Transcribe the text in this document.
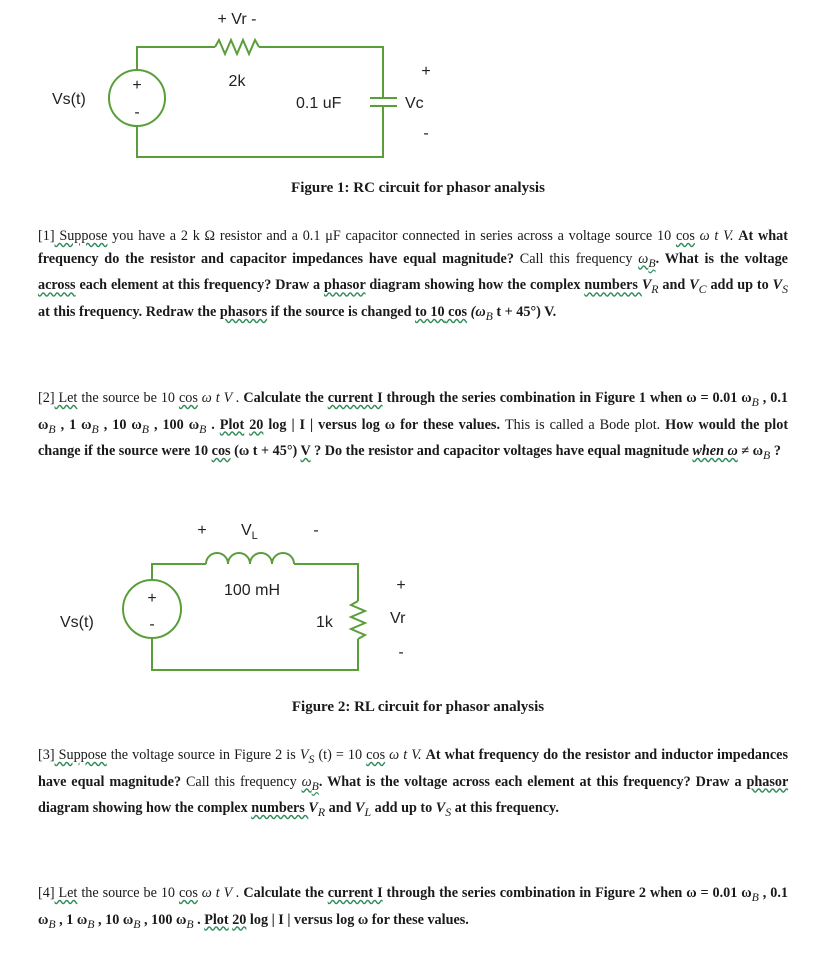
+
-
+ Vr -
2k
Vs(t)	0.1 uF
+
Vc
-

Figure 1: RC circuit for phasor analysis

[1] Suppose you have a 2 k Ω resistor and a 0.1 μF capacitor connected in series across a voltage source 10 cos ω t V. At what frequency do the resistor and capacitor impedances have equal magnitude? Call this frequency $\omega_B$. What is the voltage across each element at this frequency? Draw a phasor diagram showing how the complex numbers $V_R$ and $V_C$ add up to $V_S$ at this frequency. Redraw the phasors if the source is changed to 10 $\cos (\omega_B$ t + 45°) V.

[2] Let the source be 10 cos ω t V . Calculate the current I through the series combination in Figure 1 when ω = 0.01 $\omega_B$ , 0.1 $\omega_B$ , 1 $\omega_B$ , 10 $\omega_B$ , 100 $\omega_B$ . Plot 20 log | I | versus log ω for these values. This is called a Bode plot. How would the plot change if the source were 10 cos (ω t + 45°) V ? Do the resistor and capacitor voltages have equal magnitude when $\omega \ne \omega_B$ ?

+
-
+ $V_L$	-
100 mH
Vs(t)	1k
+
Vr
-

Figure 2: RL circuit for phasor analysis

[3] Suppose the voltage source in Figure 2 is $V_S$ (t) = 10 cos ω t V. At what frequency do the resistor and inductor impedances have equal magnitude? Call this frequency $\omega_B$. What is the voltage across each element at this frequency? Draw a phasor diagram showing how the complex numbers $V_R$ and $V_L$ add up to $V_S$ at this frequency.

[4] Let the source be 10 cos ω t V . Calculate the current I through the series combination in Figure 2 when ω = 0.01 $\omega_B$ , 0.1 $\omega_B$ , 1 $\omega_B$ , 10 $\omega_B$ , 100 $\omega_B$ . Plot 20 log | I | versus log ω for these values.
